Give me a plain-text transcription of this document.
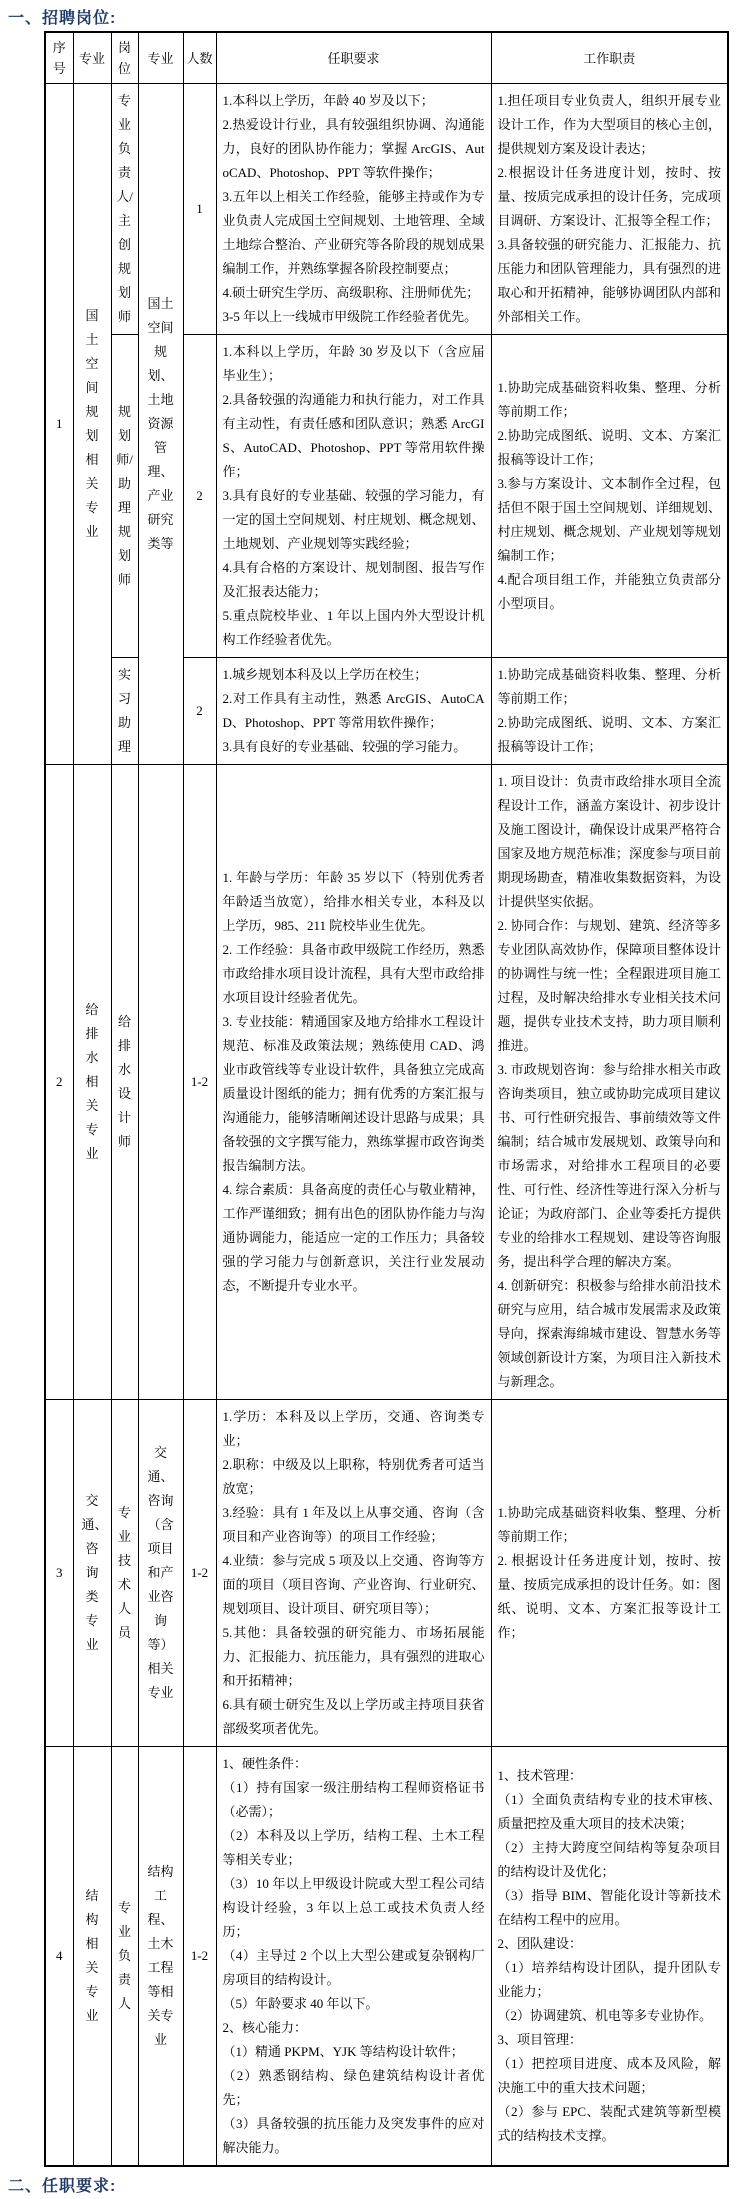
一、招聘岗位:
序号	专业	岗位	专业	人数	任职要求	工作职责
1	国土空间规划相关专业	专业负责人/主创规划师	国土空间规划、土地资源管理、产业研究类等	1	
1.本科以上学历，年龄 40 岁及以下；
2.热爱设计行业，具有较强组织协调、沟通能力，良好的团队协作能力；掌握 ArcGIS、AutoCAD、Photoshop、PPT 等软件操作；
3.五年以上相关工作经验，能够主持或作为专业负责人完成国土空间规划、土地管理、全域土地综合整治、产业研究等各阶段的规划成果编制工作，并熟练掌握各阶段控制要点；
4.硕士研究生学历、高级职称、注册师优先；
3-5 年以上一线城市甲级院工作经验者优先。

1.担任项目专业负责人，组织开展专业设计工作，作为大型项目的核心主创，提供规划方案及设计表达；
2.根据设计任务进度计划，按时、按量、按质完成承担的设计任务，完成项目调研、方案设计、汇报等全程工作；
3.具备较强的研究能力、汇报能力、抗压能力和团队管理能力，具有强烈的进取心和开拓精神，能够协调团队内部和外部相关工作。

规划师/助理规划师	2	
1.本科以上学历，年龄 30 岁及以下（含应届毕业生）；
2.具备较强的沟通能力和执行能力，对工作具有主动性，有责任感和团队意识；熟悉 ArcGIS、AutoCAD、Photoshop、PPT 等常用软件操作；
3.具有良好的专业基础、较强的学习能力，有一定的国土空间规划、村庄规划、概念规划、土地规划、产业规划等实践经验；
4.具有合格的方案设计、规划制图、报告写作及汇报表达能力；
5.重点院校毕业、1 年以上国内外大型设计机构工作经验者优先。

1.协助完成基础资料收集、整理、分析等前期工作；
2.协助完成图纸、说明、文本、方案汇报稿等设计工作；
3.参与方案设计、文本制作全过程，包括但不限于国土空间规划、详细规划、村庄规划、概念规划、产业规划等规划编制工作；
4.配合项目组工作，并能独立负责部分小型项目。

实习助理	2	
1.城乡规划本科及以上学历在校生；
2.对工作具有主动性，熟悉 ArcGIS、AutoCAD、Photoshop、PPT 等常用软件操作；
3.具有良好的专业基础、较强的学习能力。

1.协助完成基础资料收集、整理、分析等前期工作；
2.协助完成图纸、说明、文本、方案汇报稿等设计工作；

2	给排水相关专业	给排水设计师		1-2	
1. 年龄与学历：年龄 35 岁以下（特别优秀者年龄适当放宽），给排水相关专业，本科及以上学历，985、211 院校毕业生优先。
2. 工作经验：具备市政甲级院工作经历，熟悉市政给排水项目设计流程，具有大型市政给排水项目设计经验者优先。
3. 专业技能：精通国家及地方给排水工程设计规范、标准及政策法规；熟练使用 CAD、鸿业市政管线等专业设计软件，具备独立完成高质量设计图纸的能力；拥有优秀的方案汇报与沟通能力，能够清晰阐述设计思路与成果；具备较强的文字撰写能力，熟练掌握市政咨询类报告编制方法。
4. 综合素质：具备高度的责任心与敬业精神，工作严谨细致；拥有出色的团队协作能力与沟通协调能力，能适应一定的工作压力；具备较强的学习能力与创新意识，关注行业发展动态，不断提升专业水平。

1. 项目设计：负责市政给排水项目全流程设计工作，涵盖方案设计、初步设计及施工图设计，确保设计成果严格符合国家及地方规范标准；深度参与项目前期现场勘查，精准收集数据资料，为设计提供坚实依据。
2. 协同合作：与规划、建筑、经济等多专业团队高效协作，保障项目整体设计的协调性与统一性；全程跟进项目施工过程，及时解决给排水专业相关技术问题，提供专业技术支持，助力项目顺利推进。
3. 市政规划咨询：参与给排水相关市政咨询类项目，独立或协助完成项目建议书、可行性研究报告、事前绩效等文件编制；结合城市发展规划、政策导向和市场需求，对给排水工程项目的必要性、可行性、经济性等进行深入分析与论证；为政府部门、企业等委托方提供专业的给排水工程规划、建设等咨询服务，提出科学合理的解决方案。
4. 创新研究：积极参与给排水前沿技术研究与应用，结合城市发展需求及政策导向，探索海绵城市建设、智慧水务等领域创新设计方案，为项目注入新技术与新理念。

3	交通、咨询类专业	专业技术人员	交通、咨询（含项目和产业咨询等）相关专业	1-2	
1.学历：本科及以上学历，交通、咨询类专业；
2.职称：中级及以上职称，特别优秀者可适当放宽；
3.经验：具有 1 年及以上从事交通、咨询（含项目和产业咨询等）的项目工作经验；
4.业绩：参与完成 5 项及以上交通、咨询等方面的项目（项目咨询、产业咨询、行业研究、规划项目、设计项目、研究项目等）；
5.其他：具备较强的研究能力、市场拓展能力、汇报能力、抗压能力，具有强烈的进取心和开拓精神；
6.具有硕士研究生及以上学历或主持项目获省部级奖项者优先。

1.协助完成基础资料收集、整理、分析等前期工作；
2. 根据设计任务进度计划，按时、按量、按质完成承担的设计任务。如：图纸、说明、文本、方案汇报等设计工作；

4	结构相关专业	专业负责人	结构工程、土木工程等相关专业	1-2	
1、硬性条件：
（1）持有国家一级注册结构工程师资格证书（必需）；
（2）本科及以上学历，结构工程、土木工程等相关专业；
（3）10 年以上甲级设计院或大型工程公司结构设计经验，3 年以上总工或技术负责人经历；
（4）主导过 2 个以上大型公建或复杂钢构厂房项目的结构设计。
（5）年龄要求 40 年以下。
2、核心能力：
（1）精通 PKPM、YJK 等结构设计软件；
（2）熟悉钢结构、绿色建筑结构设计者优先；
（3）具备较强的抗压能力及突发事件的应对解决能力。

1、技术管理：
（1）全面负责结构专业的技术审核、质量把控及重大项目的技术决策；
（2）主持大跨度空间结构等复杂项目的结构设计及优化；
（3）指导 BIM、智能化设计等新技术在结构工程中的应用。
2、团队建设：
（1）培养结构设计团队，提升团队专业能力；
（2）协调建筑、机电等多专业协作。
3、项目管理：
（1）把控项目进度、成本及风险，解决施工中的重大技术问题；
（2）参与 EPC、装配式建筑等新型模式的结构技术支撑。
二、任职要求:
